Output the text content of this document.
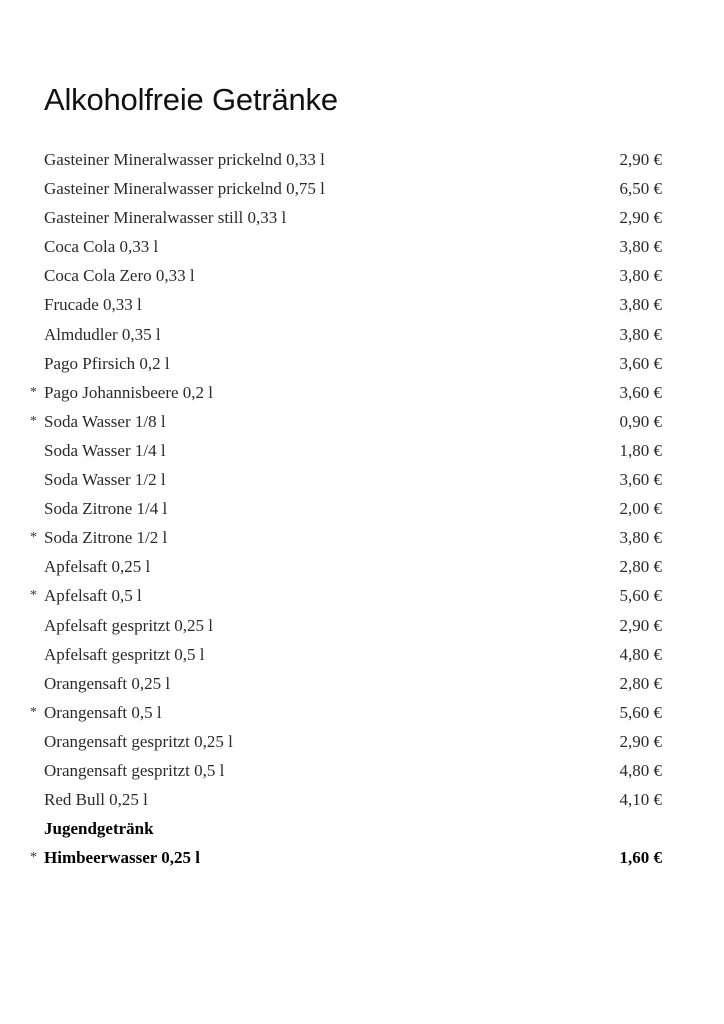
Alkoholfreie Getränke
Gasteiner Mineralwasser prickelnd 0,33 l	2,90 €
Gasteiner Mineralwasser prickelnd 0,75 l	6,50 €
Gasteiner Mineralwasser still 0,33 l	2,90 €
Coca Cola 0,33 l	3,80 €
Coca Cola Zero 0,33 l	3,80 €
Frucade 0,33 l	3,80 €
Almdudler 0,35 l	3,80 €
Pago Pfirsich 0,2 l	3,60 €
* Pago Johannisbeere 0,2 l	3,60 €
* Soda Wasser 1/8 l	0,90 €
Soda Wasser 1/4 l	1,80 €
Soda Wasser 1/2 l	3,60 €
Soda Zitrone 1/4 l	2,00 €
* Soda Zitrone 1/2 l	3,80 €
Apfelsaft 0,25 l	2,80 €
* Apfelsaft 0,5 l	5,60 €
Apfelsaft gespritzt 0,25 l	2,90 €
Apfelsaft gespritzt 0,5 l	4,80 €
Orangensaft 0,25 l	2,80 €
* Orangensaft 0,5 l	5,60 €
Orangensaft gespritzt 0,25 l	2,90 €
Orangensaft gespritzt 0,5 l	4,80 €
Red Bull 0,25 l	4,10 €
Jugendgetränk
* Himbeerwasser 0,25 l	1,60 €
